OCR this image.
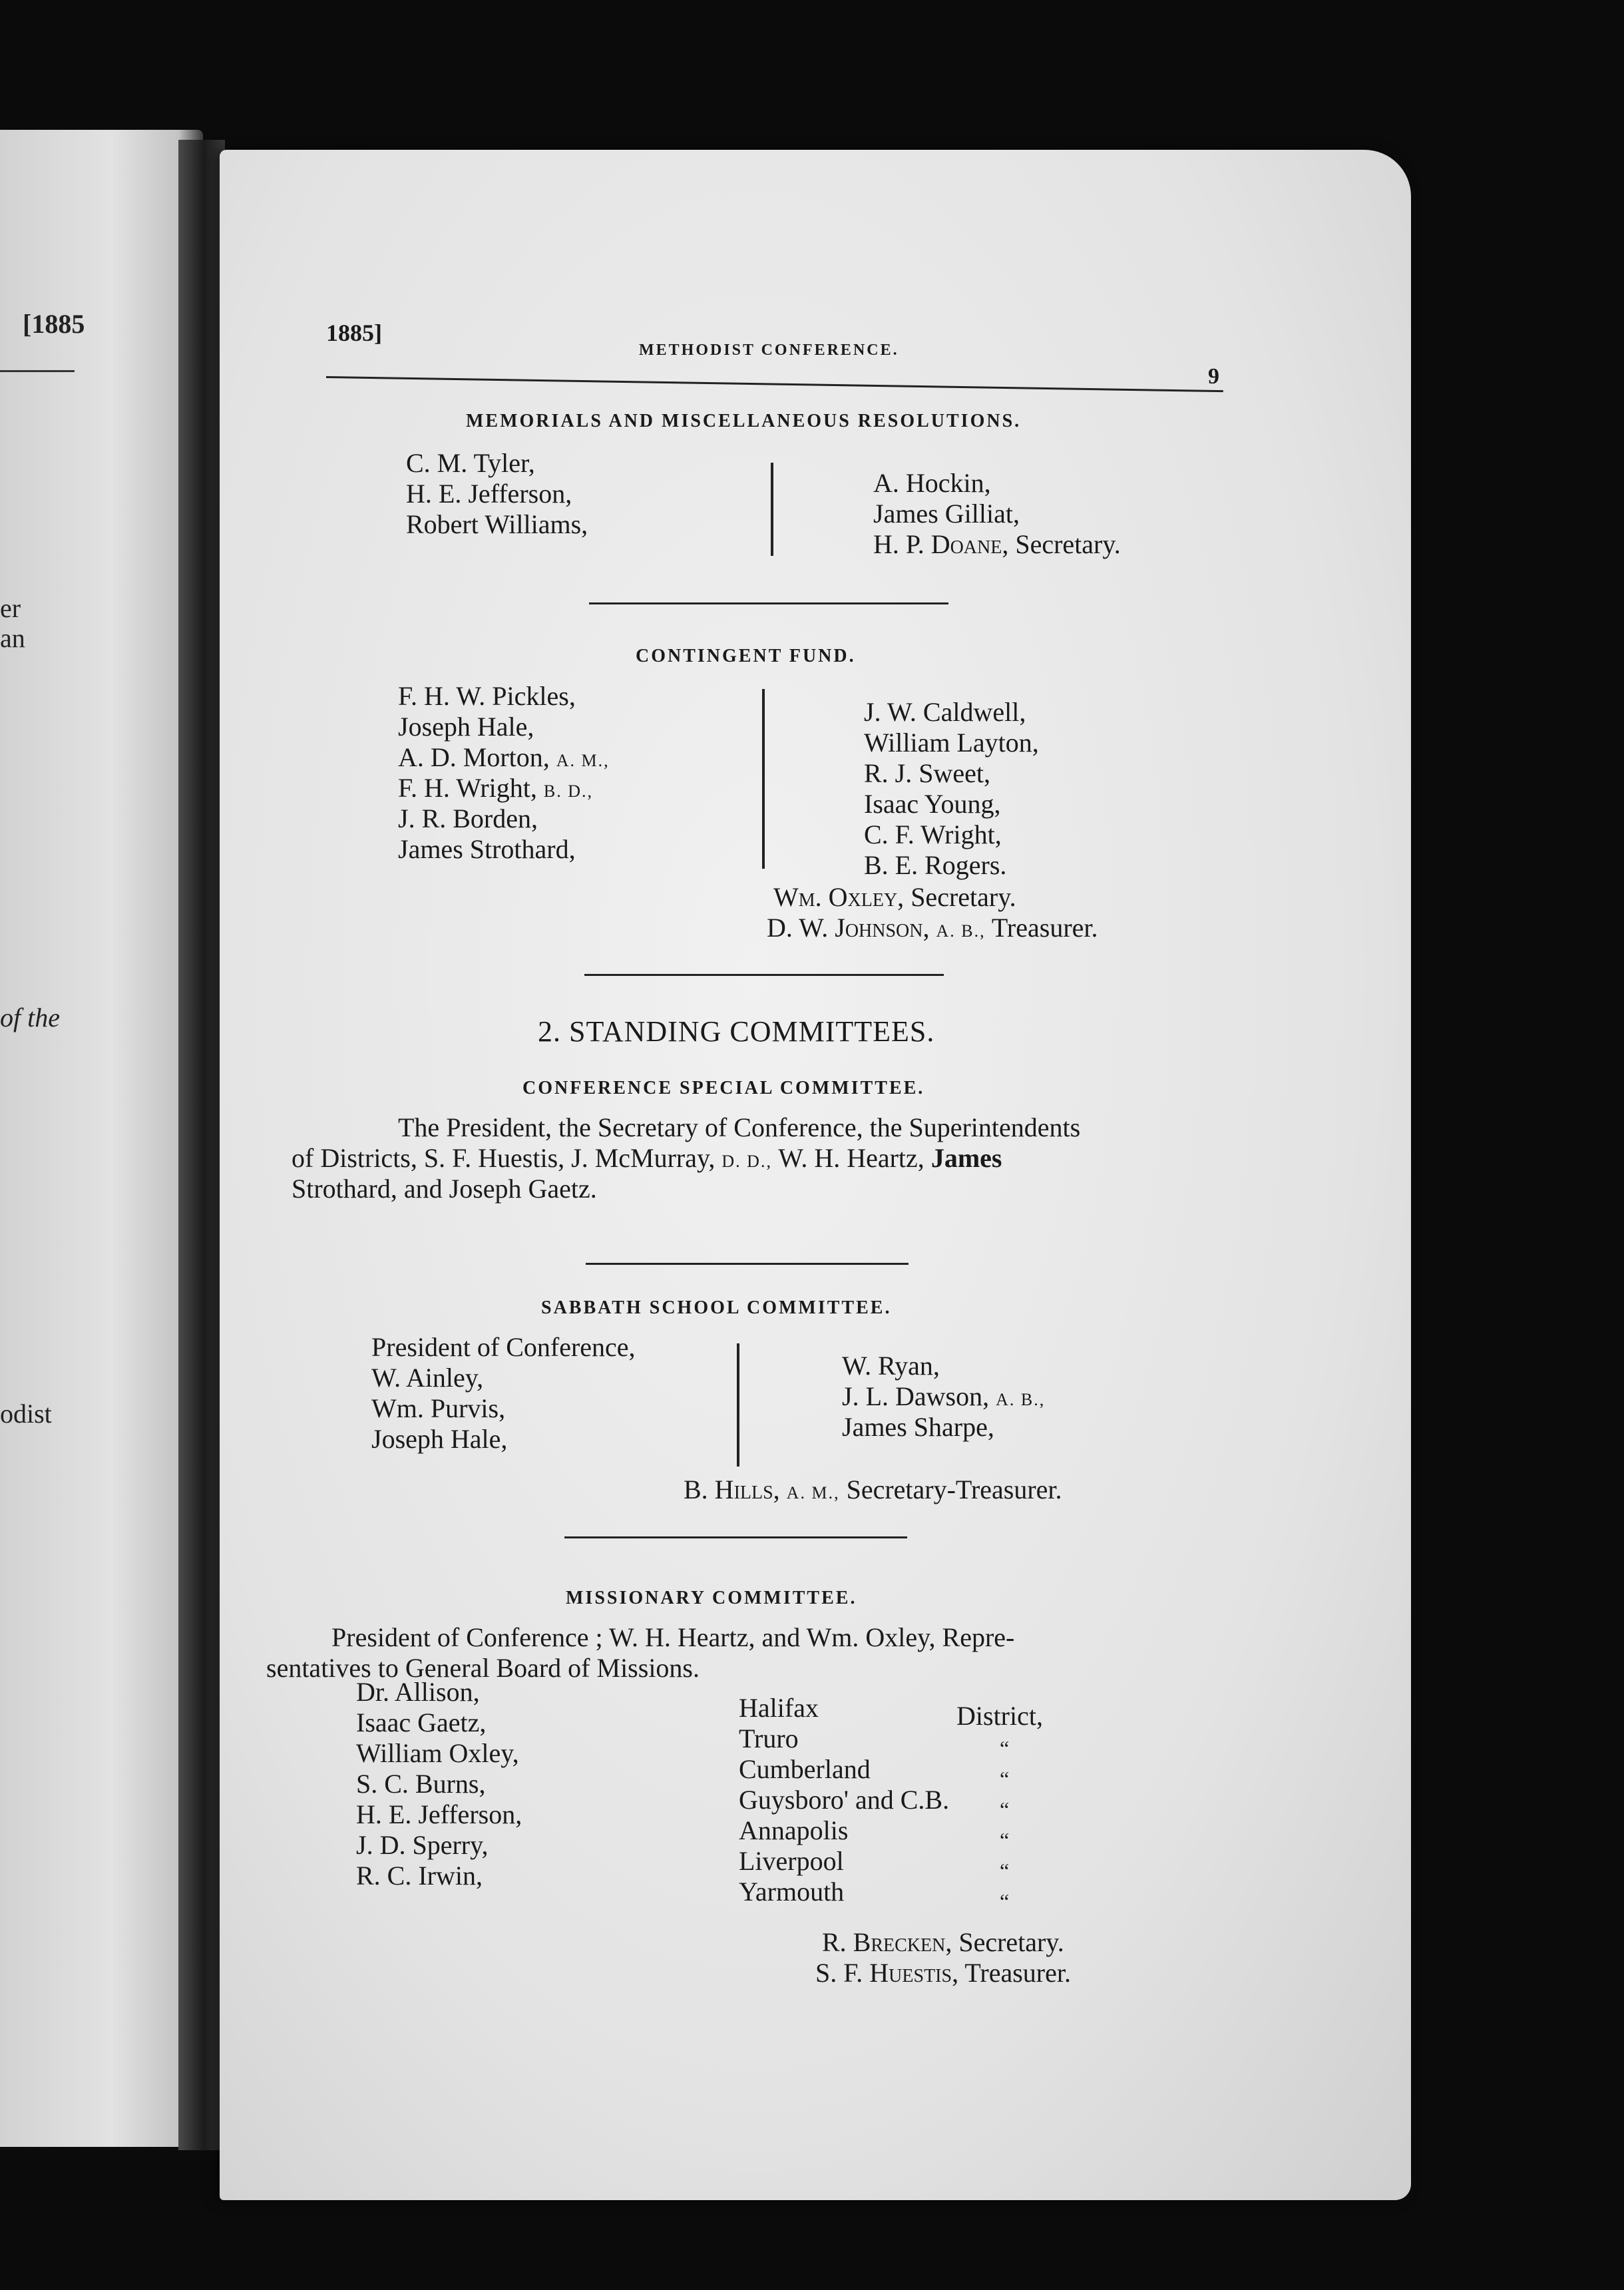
[1885
er
an
of the
odist
1885]
METHODIST CONFERENCE.
9
MEMORIALS AND MISCELLANEOUS RESOLUTIONS.
C. M. Tyler,
H. E. Jefferson,
Robert Williams,
A. Hockin,
James Gilliat,
H. P. Doane, Secretary.
CONTINGENT FUND.
F. H. W. Pickles,
Joseph Hale,
A. D. Morton, A. M.,
F. H. Wright, B. D.,
J. R. Borden,
James Strothard,
J. W. Caldwell,
William Layton,
R. J. Sweet,
Isaac Young,
C. F. Wright,
B. E. Rogers.
Wm. Oxley, Secretary.
D. W. Johnson, A. B., Treasurer.
2. STANDING COMMITTEES.
CONFERENCE SPECIAL COMMITTEE.
The President, the Secretary of Conference, the Superintendents
of Districts, S. F. Huestis, J. McMurray, D. D., W. H. Heartz, James
Strothard, and Joseph Gaetz.
SABBATH SCHOOL COMMITTEE.
President of Conference,
W. Ainley,
Wm. Purvis,
Joseph Hale,
W. Ryan,
J. L. Dawson, A. B.,
James Sharpe,
B. Hills, A. M., Secretary-Treasurer.
MISSIONARY COMMITTEE.
President of Conference ; W. H. Heartz, and Wm. Oxley, Repre-
sentatives to General Board of Missions.
Dr. Allison,
Isaac Gaetz,
William Oxley,
S. C. Burns,
H. E. Jefferson,
J. D. Sperry,
R. C. Irwin,
Halifax
Truro
Cumberland
Guysboro' and C.B.
Annapolis
Liverpool
Yarmouth
District,
“
“
“
“
“
“
R. Brecken, Secretary.
S. F. Huestis, Treasurer.
